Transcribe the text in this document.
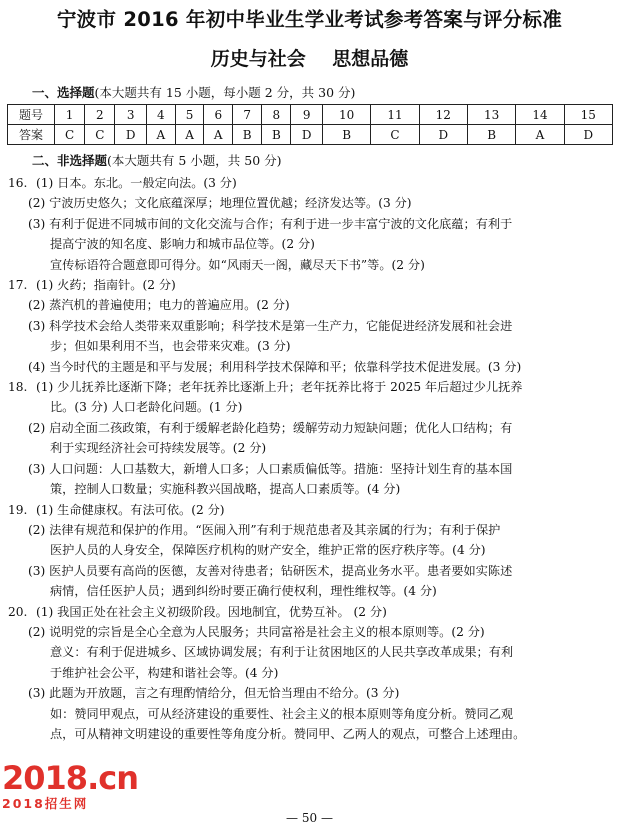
宁波市 2016 年初中毕业生学业考试参考答案与评分标准
历史与社会    思想品德
一、选择题(本大题共有 15 小题，每小题 2 分，共 30 分)
题号	1	2	3	4	5	6	7	8	9	10	11	12	13	14	15
答案	C	C	D	A	A	A	B	B	D	B	C	D	B	A	D
二、非选择题(本大题共有 5 小题，共 50 分)
16. (1) 日本。东北。一般定向法。(3 分)
(2) 宁波历史悠久；文化底蕴深厚；地理位置优越；经济发达等。(3 分)
(3) 有利于促进不同城市间的文化交流与合作；有利于进一步丰富宁波的文化底蕴；有利于
提高宁波的知名度、影响力和城市品位等。(2 分)
宣传标语符合题意即可得分。如“风雨天一阁，藏尽天下书”等。(2 分)
17. (1) 火药；指南针。(2 分)
(2) 蒸汽机的普遍使用；电力的普遍应用。(2 分)
(3) 科学技术会给人类带来双重影响；科学技术是第一生产力，它能促进经济发展和社会进
步；但如果利用不当，也会带来灾难。(3 分)
(4) 当今时代的主题是和平与发展；利用科学技术保障和平；依靠科学技术促进发展。(3 分)
18. (1) 少儿抚养比逐渐下降；老年抚养比逐渐上升；老年抚养比将于 2025 年后超过少儿抚养
比。(3 分) 人口老龄化问题。(1 分)
(2) 启动全面二孩政策，有利于缓解老龄化趋势；缓解劳动力短缺问题；优化人口结构；有
利于实现经济社会可持续发展等。(2 分)
(3) 人口问题：人口基数大，新增人口多；人口素质偏低等。措施：坚持计划生育的基本国
策，控制人口数量；实施科教兴国战略，提高人口素质等。(4 分)
19. (1) 生命健康权。有法可依。(2 分)
(2) 法律有规范和保护的作用。“医闹入刑”有利于规范患者及其亲属的行为；有利于保护
医护人员的人身安全，保障医疗机构的财产安全，维护正常的医疗秩序等。(4 分)
(3) 医护人员要有高尚的医德，友善对待患者；钻研医术，提高业务水平。患者要如实陈述
病情，信任医护人员；遇到纠纷时要正确行使权利，理性维权等。(4 分)
20. (1) 我国正处在社会主义初级阶段。因地制宜，优势互补。 (2 分)
(2) 说明党的宗旨是全心全意为人民服务；共同富裕是社会主义的根本原则等。(2 分)
意义：有利于促进城乡、区域协调发展；有利于让贫困地区的人民共享改革成果；有利
于维护社会公平，构建和谐社会等。(4 分)
(3) 此题为开放题，言之有理酌情给分，但无恰当理由不给分。(3 分)
如：赞同甲观点，可从经济建设的重要性、社会主义的根本原则等角度分析。赞同乙观
点，可从精神文明建设的重要性等角度分析。赞同甲、乙两人的观点，可整合上述理由。
2018.cn
2018招生网
— 50 —
